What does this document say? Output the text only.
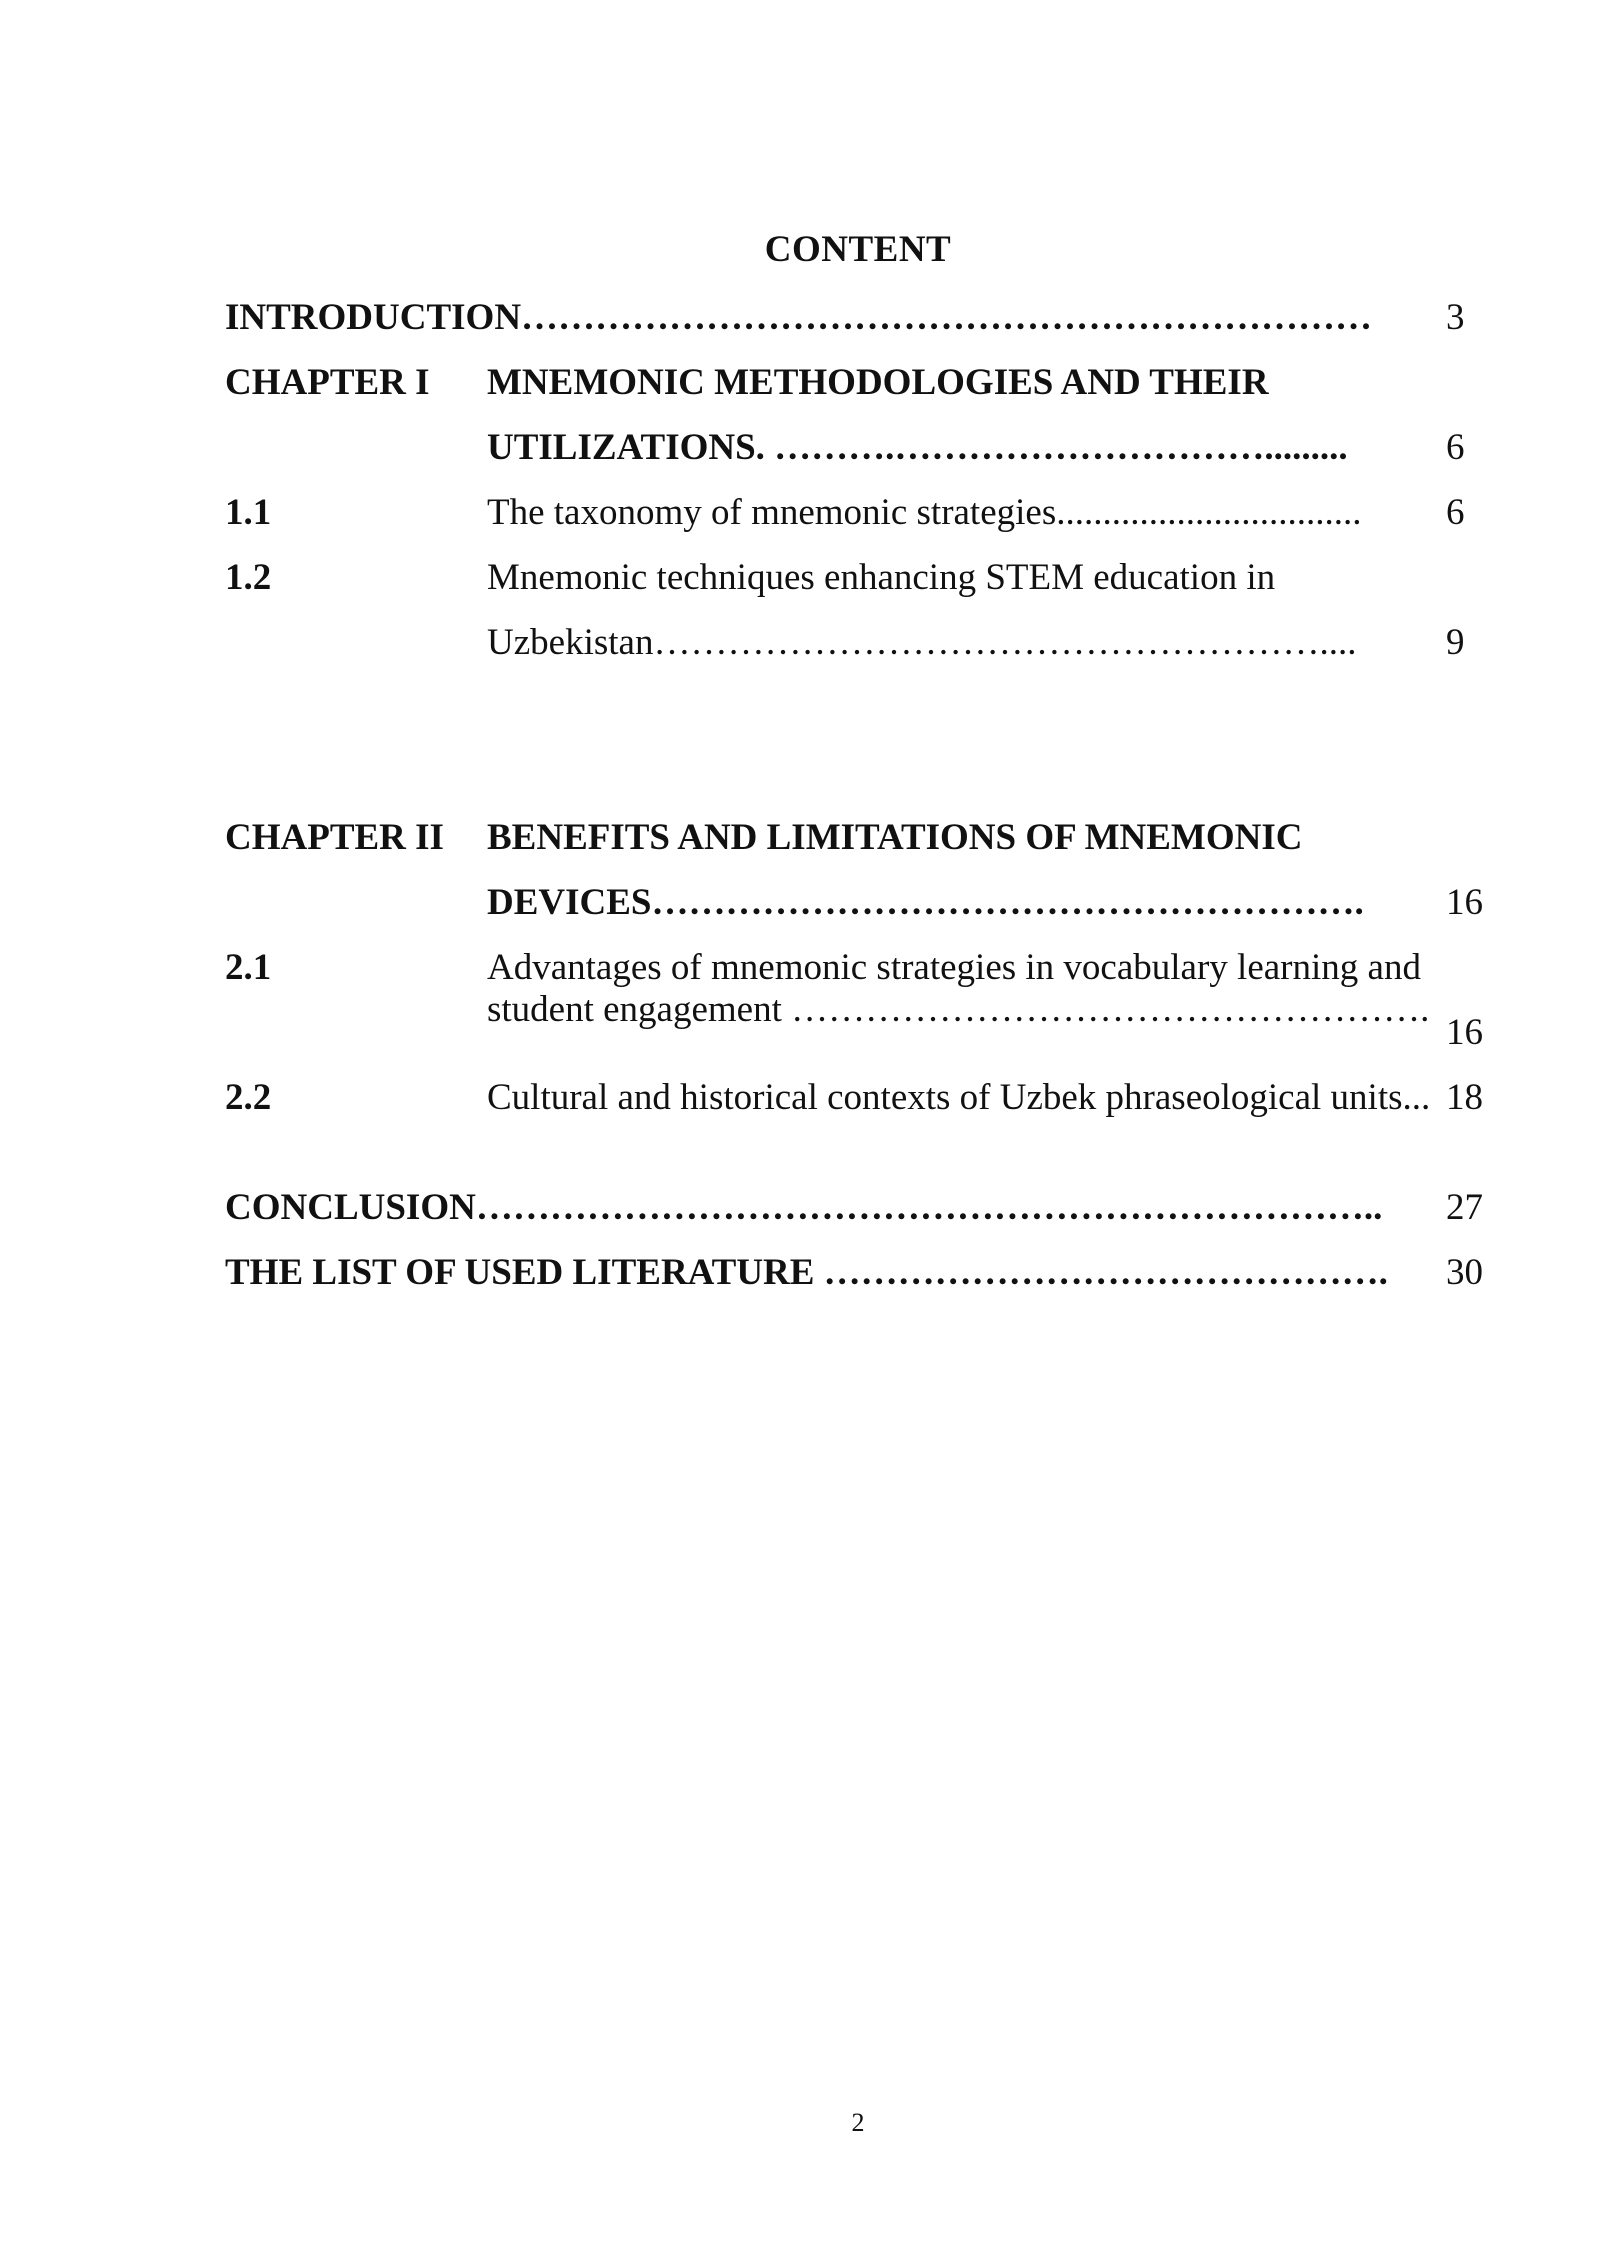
CONTENT
INTRODUCTION…………………………………………………………… 3
CHAPTER I MNEMONIC METHODOLOGIES AND THEIR
UTILIZATIONS. ……….………………………….........	6
1.1	The taxonomy of mnemonic strategies................................. 6
1.2	Mnemonic techniques enhancing STEM education in
Uzbekistan……………………………………………….... 9
CHAPTER II BENEFITS AND LIMITATIONS OF MNEMONIC
DEVICES…………………………………………………. 16
2.1	Advantages of mnemonic strategies in vocabulary learning and
student engagement …………………………………………….
16
2.2	Cultural and historical contexts of Uzbek phraseological units... 18
CONCLUSION……………………………………………………………….. 27
THE LIST OF USED LITERATURE ………………………………………. 30
2
